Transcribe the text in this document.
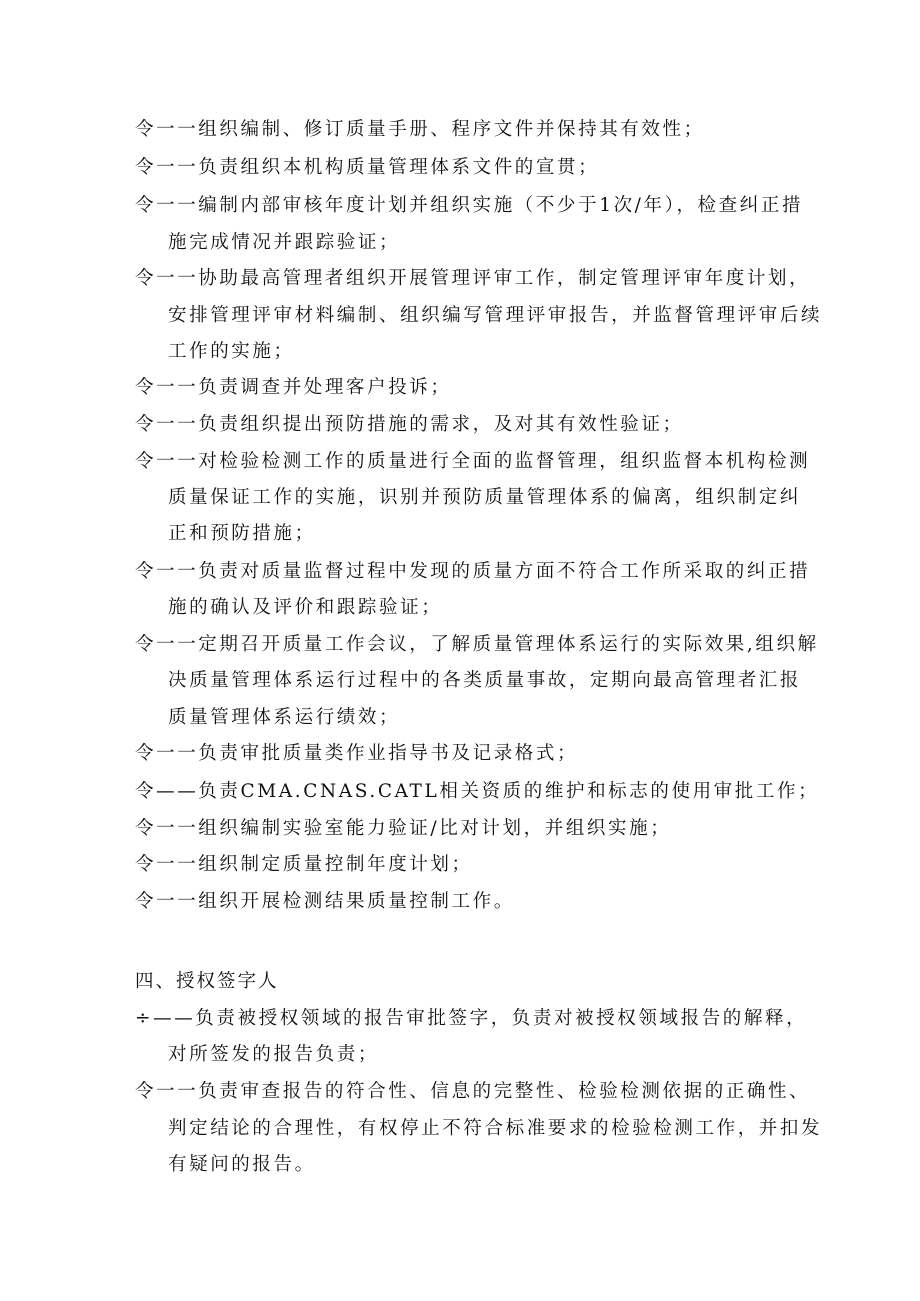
令一一组织编制、修订质量手册、程序文件并保持其有效性；
令一一负责组织本机构质量管理体系文件的宣贯；
令一一编制内部审核年度计划并组织实施（不少于1次/年），检查纠正措
施完成情况并跟踪验证；
令一一协助最高管理者组织开展管理评审工作，制定管理评审年度计划，
安排管理评审材料编制、组织编写管理评审报告，并监督管理评审后续
工作的实施；
令一一负责调查并处理客户投诉；
令一一负责组织提出预防措施的需求，及对其有效性验证；
令一一对检验检测工作的质量进行全面的监督管理，组织监督本机构检测
质量保证工作的实施，识别并预防质量管理体系的偏离，组织制定纠
正和预防措施；
令一一负责对质量监督过程中发现的质量方面不符合工作所采取的纠正措
施的确认及评价和跟踪验证；
令一一定期召开质量工作会议，了解质量管理体系运行的实际效果,组织解
决质量管理体系运行过程中的各类质量事故，定期向最高管理者汇报
质量管理体系运行绩效；
令一一负责审批质量类作业指导书及记录格式；
令——负责CMA.CNAS.CATL相关资质的维护和标志的使用审批工作；
令一一组织编制实验室能力验证/比对计划，并组织实施；
令一一组织制定质量控制年度计划；
令一一组织开展检测结果质量控制工作。
四、授权签字人
÷——负责被授权领域的报告审批签字，负责对被授权领域报告的解释，
对所签发的报告负责；
令一一负责审查报告的符合性、信息的完整性、检验检测依据的正确性、
判定结论的合理性，有权停止不符合标准要求的检验检测工作，并扣发
有疑问的报告。
